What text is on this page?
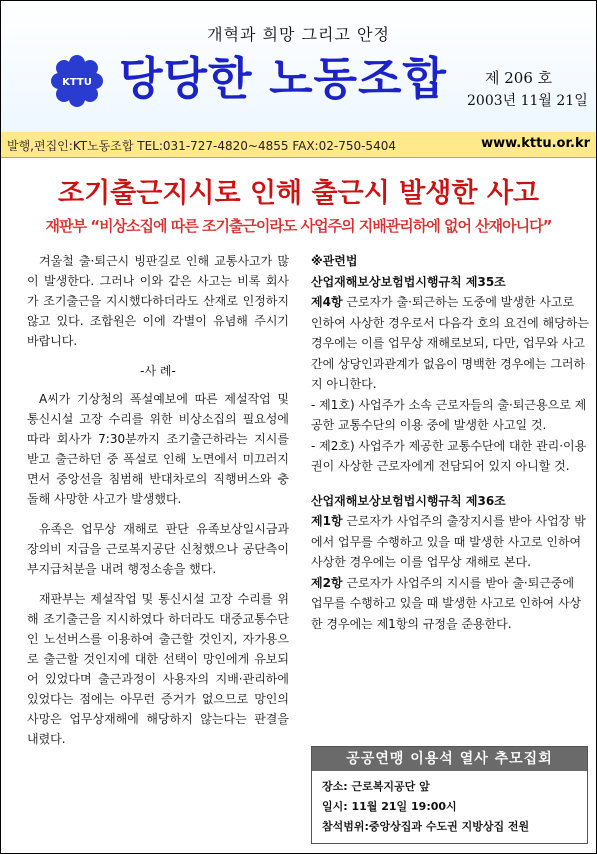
개혁과 희망 그리고 안정
KTTU 당당한 노동조합	제 206 호
2003년 11월 21일
발행,편집인:KT노동조합 TEL:031-727-4820~4855 FAX:02-750-5404	www.kttu.or.kr
조기출근지시로 인해 출근시 발생한 사고
재판부 “비상소집에 따른 조기출근이라도 사업주의 지배관리하에 없어 산재아니다”

겨울철 출·퇴근시 빙판길로 인해 교통사고가 많이 발생한다. 그러나 이와 같은 사고는 비록 회사가 조기출근을 지시했다하더라도 산재로 인정하지 않고 있다. 조합원은 이에 각별이 유념해 주시기 바랍니다.

-사 례-

A씨가 기상청의 폭설예보에 따른 제설작업 및 통신시설 고장 수리를 위한 비상소집의 필요성에 따라 회사가 7:30분까지 조기출근하라는 지시를 받고 출근하던 중 폭설로 인해 노면에서 미끄러지면서 중앙선을 침범해 반대차로의 직행버스와 충돌해 사망한 사고가 발생했다.

유족은 업무상 재해로 판단 유족보상일시금과 장의비 지급을 근로복지공단 신청했으나 공단측이 부지급처분을 내려 행정소송을 했다.

재판부는 제설작업 및 통신시설 고장 수리를 위해 조기출근을 지시하였다 하더라도 대중교통수단인 노선버스를 이용하여 출근할 것인지, 자가용으로 출근할 것인지에 대한 선택이 망인에게 유보되어 있었다며 출근과정이 사용자의 지배·관리하에 있었다는 점에는 아무런 증거가 없으므로 망인의 사망은 업무상재해에 해당하지 않는다는 판결을 내렸다.

※관련법
산업재해보상보험법시행규칙 제35조
제4항 근로자가 출·퇴근하는 도중에 발생한 사고로 인하여 사상한 경우로서 다음각 호의 요건에 해당하는 경우에는 이를 업무상 재해로보되, 다만, 업무와 사고간에 상당인과관계가 없음이 명백한 경우에는 그러하지 아니한다.
- 제1호) 사업주가 소속 근로자들의 출·퇴근용으로 제공한 교통수단의 이용 중에 발생한 사고일 것.
- 제2호) 사업주가 제공한 교통수단에 대한 관리·이용권이 사상한 근로자에게 전담되어 있지 아니할 것.
산업재해보상보험법시행규칙 제36조
제1항 근로자가 사업주의 출장지시를 받아 사업장 밖에서 업무를 수행하고 있을 때 발생한 사고로 인하여 사상한 경우에는 이를 업무상 재해로 본다.
제2항 근로자가 사업주의 지시를 받아 출·퇴근중에 업무를 수행하고 있을 때 발생한 사고로 인하여 사상한 경우에는 제1항의 규정을 준용한다.
공공연맹 이용석 열사 추모집회
장소: 근로복지공단 앞
일시: 11월 21일 19:00시
참석범위:중앙상집과 수도권 지방상집 전원
